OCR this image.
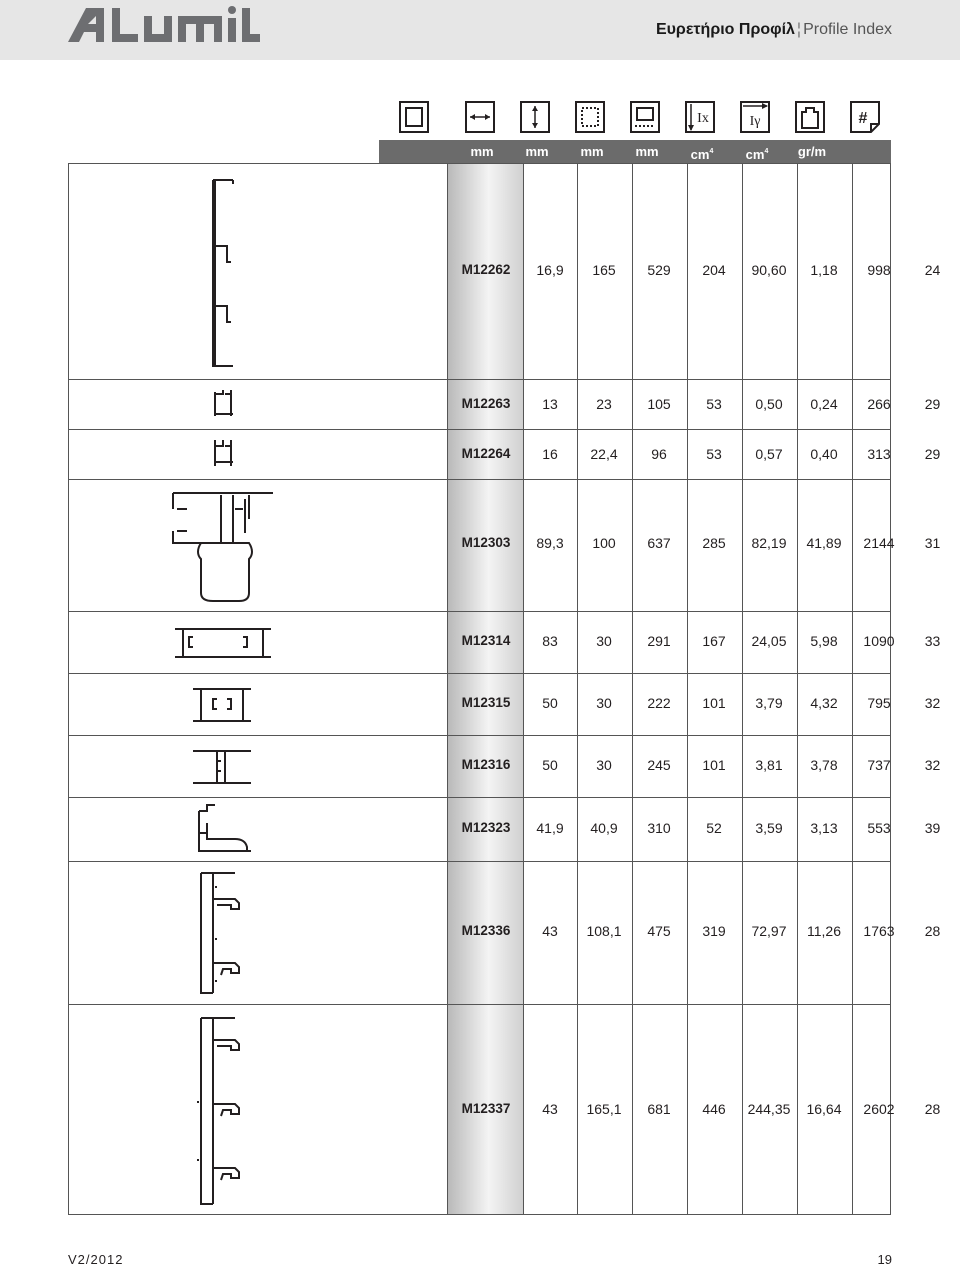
Ευρετήριο Προφίλ ¦ Profile Index
Ix	Iγ	#
mm	mm	mm	mm	$cm^4$	$cm^4$	gr/m
M12262	16,9	165	529	204	90,60	1,18	998	24
M12263	13	23	105	53	0,50	0,24	266	29
M12264	16	22,4	96	53	0,57	0,40	313	29
M12303	89,3	100	637	285	82,19	41,89	2144	31
M12314	83	30	291	167	24,05	5,98	1090	33
M12315	50	30	222	101	3,79	4,32	795	32
M12316	50	30	245	101	3,81	3,78	737	32
M12323	41,9	40,9	310	52	3,59	3,13	553	39
M12336	43	108,1	475	319	72,97	11,26	1763	28
M12337	43	165,1	681	446	244,35	16,64	2602	28
V2/2012	19
